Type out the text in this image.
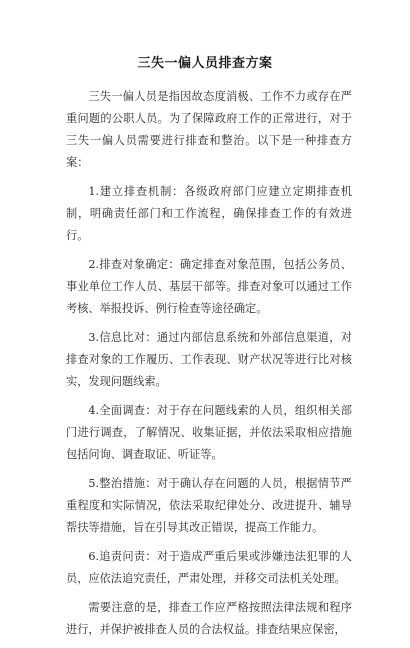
三失一偏人员排查方案

三失一偏人员是指因故态度消极、工作不力或存在严重问题的公职人员。为了保障政府工作的正常进行，对于三失一偏人员需要进行排查和整治。以下是一种排查方案：

1.建立排查机制：各级政府部门应建立定期排查机制，明确责任部门和工作流程，确保排查工作的有效进行。

2.排查对象确定：确定排查对象范围，包括公务员、事业单位工作人员、基层干部等。排查对象可以通过工作考核、举报投诉、例行检查等途径确定。

3.信息比对：通过内部信息系统和外部信息渠道，对排查对象的工作履历、工作表现、财产状况等进行比对核实，发现问题线索。

4.全面调查：对于存在问题线索的人员，组织相关部门进行调查，了解情况、收集证据，并依法采取相应措施包括问询、调查取证、听证等。

5.整治措施：对于确认存在问题的人员，根据情节严重程度和实际情况，依法采取纪律处分、改进提升、辅导帮扶等措施，旨在引导其改正错误，提高工作能力。

6.追责问责：对于造成严重后果或涉嫌违法犯罪的人员，应依法追究责任，严肃处理，并移交司法机关处理。

需要注意的是，排查工作应严格按照法律法规和程序进行，并保护被排查人员的合法权益。排查结果应保密，
